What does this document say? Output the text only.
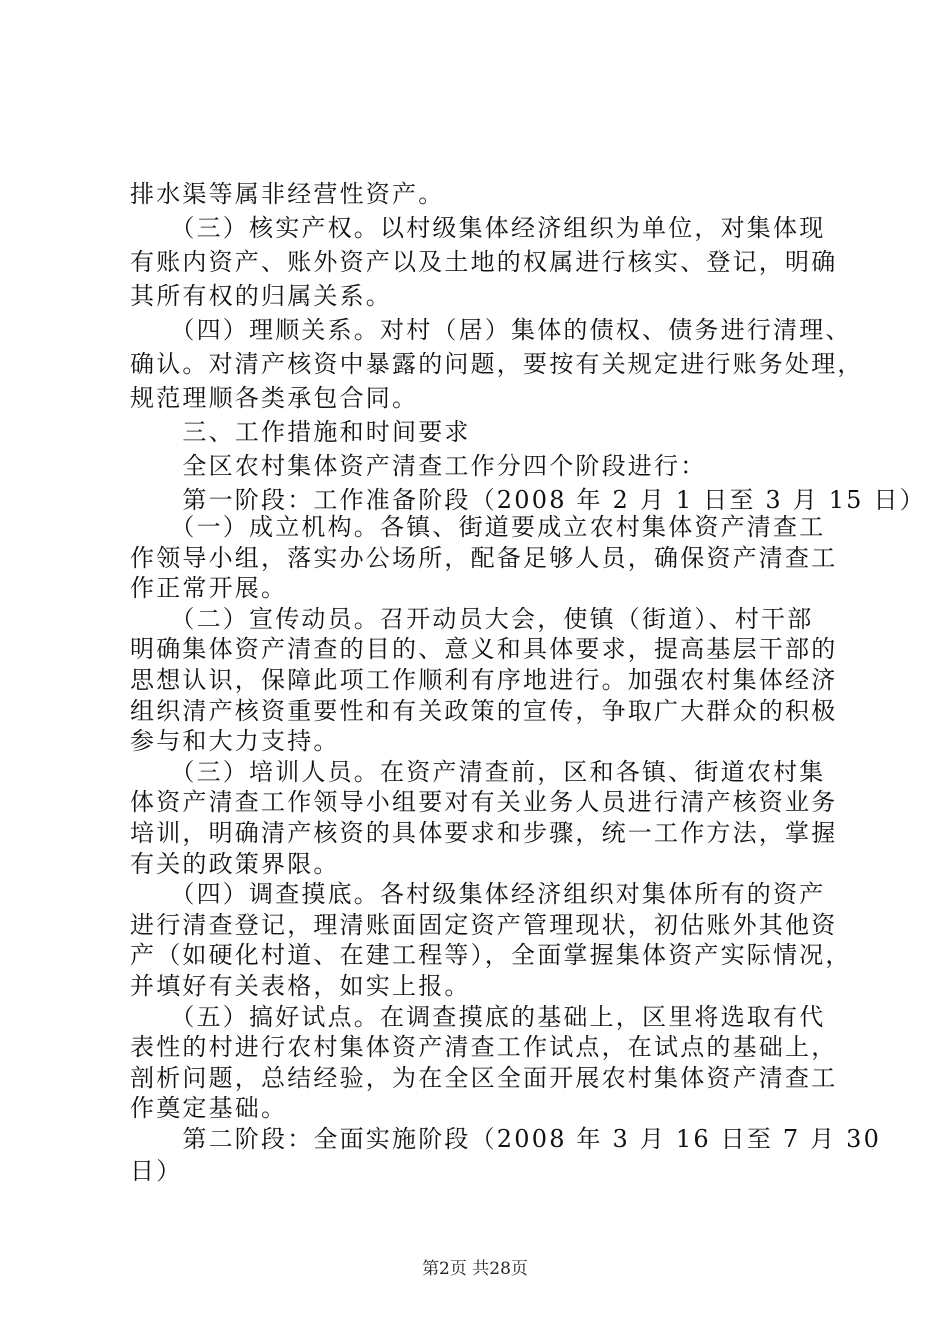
排水渠等属非经营性资产。
　　（三）核实产权。以村级集体经济组织为单位，对集体现
有账内资产、账外资产以及土地的权属进行核实、登记，明确
其所有权的归属关系。
　　（四）理顺关系。对村（居）集体的债权、债务进行清理、
确认。对清产核资中暴露的问题，要按有关规定进行账务处理，
规范理顺各类承包合同。
　　三、工作措施和时间要求
　　全区农村集体资产清查工作分四个阶段进行：
　　第一阶段：工作准备阶段（2008 年 2 月 1 日至 3 月 15 日）
　　（一）成立机构。各镇、街道要成立农村集体资产清查工
作领导小组，落实办公场所，配备足够人员，确保资产清查工
作正常开展。
　　（二）宣传动员。召开动员大会，使镇（街道）、村干部
明确集体资产清查的目的、意义和具体要求，提高基层干部的
思想认识，保障此项工作顺利有序地进行。加强农村集体经济
组织清产核资重要性和有关政策的宣传，争取广大群众的积极
参与和大力支持。
　　（三）培训人员。在资产清查前，区和各镇、街道农村集
体资产清查工作领导小组要对有关业务人员进行清产核资业务
培训，明确清产核资的具体要求和步骤，统一工作方法，掌握
有关的政策界限。
　　（四）调查摸底。各村级集体经济组织对集体所有的资产
进行清查登记，理清账面固定资产管理现状，初估账外其他资
产（如硬化村道、在建工程等），全面掌握集体资产实际情况，
并填好有关表格，如实上报。
　　（五）搞好试点。在调查摸底的基础上，区里将选取有代
表性的村进行农村集体资产清查工作试点，在试点的基础上，
剖析问题，总结经验，为在全区全面开展农村集体资产清查工
作奠定基础。
　　第二阶段：全面实施阶段（2008 年 3 月 16 日至 7 月 30
日）
第2页 共28页
